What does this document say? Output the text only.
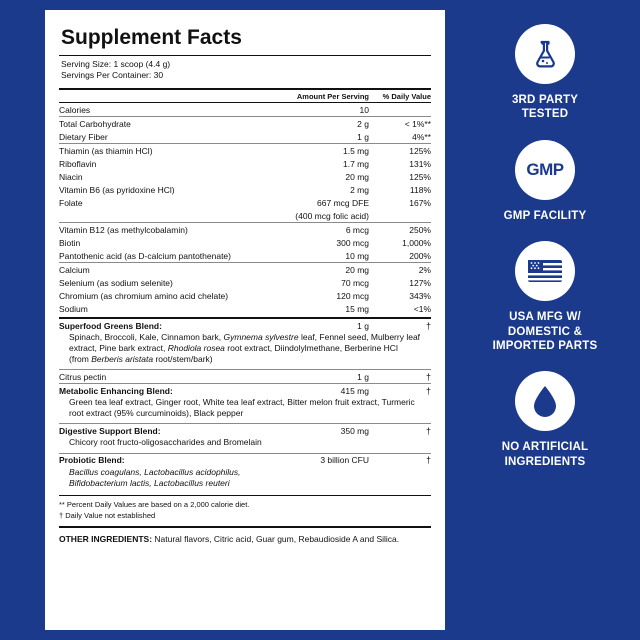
Supplement Facts
Serving Size: 1 scoop (4.4 g)
Servings Per Container: 30
	Amount Per Serving	% Daily Value
Calories	10	
Total Carbohydrate	2 g	< 1%**
Dietary Fiber	1 g	4%**
Thiamin (as thiamin HCl)	1.5 mg	125%
Riboflavin	1.7 mg	131%
Niacin	20 mg	125%
Vitamin B6 (as pyridoxine HCl)	2 mg	118%
Folate	667 mcg DFE	167%
	(400 mcg folic acid)	
Vitamin B12 (as methylcobalamin)	6 mcg	250%
Biotin	300 mcg	1,000%
Pantothenic acid (as D-calcium pantothenate)	10 mg	200%
Calcium	20 mg	2%
Selenium (as sodium selenite)	70 mcg	127%
Chromium (as chromium amino acid chelate)	120 mcg	343%
Sodium	15 mg	<1%
Superfood Greens Blend:	1 g	†
Spinach, Broccoli, Kale, Cinnamon bark, Gymnema sylvestre leaf, Fennel seed, Mulberry leaf extract, Pine bark extract, Rhodiola rosea root extract, Diindolylmethane, Berberine HCl
(from Berberis aristata root/stem/bark)
Citrus pectin	1 g	†
Metabolic Enhancing Blend:	415 mg	†
Green tea leaf extract, Ginger root, White tea leaf extract, Bitter melon fruit extract, Turmeric root extract (95% curcuminoids), Black pepper
Digestive Support Blend:	350 mg	†
Chicory root fructo-oligosaccharides and Bromelain
Probiotic Blend:	3 billion CFU	†
Bacillus coagulans, Lactobacillus acidophilus,
Bifidobacterium lactis, Lactobacillus reuteri
** Percent Daily Values are based on a 2,000 calorie diet.
† Daily Value not established
OTHER INGREDIENTS: Natural flavors, Citric acid, Guar gum, Rebaudioside A and Silica.
3RD PARTY
TESTED
GMP
GMP FACILITY
USA MFG W/
DOMESTIC &
IMPORTED PARTS
NO ARTIFICIAL
INGREDIENTS
